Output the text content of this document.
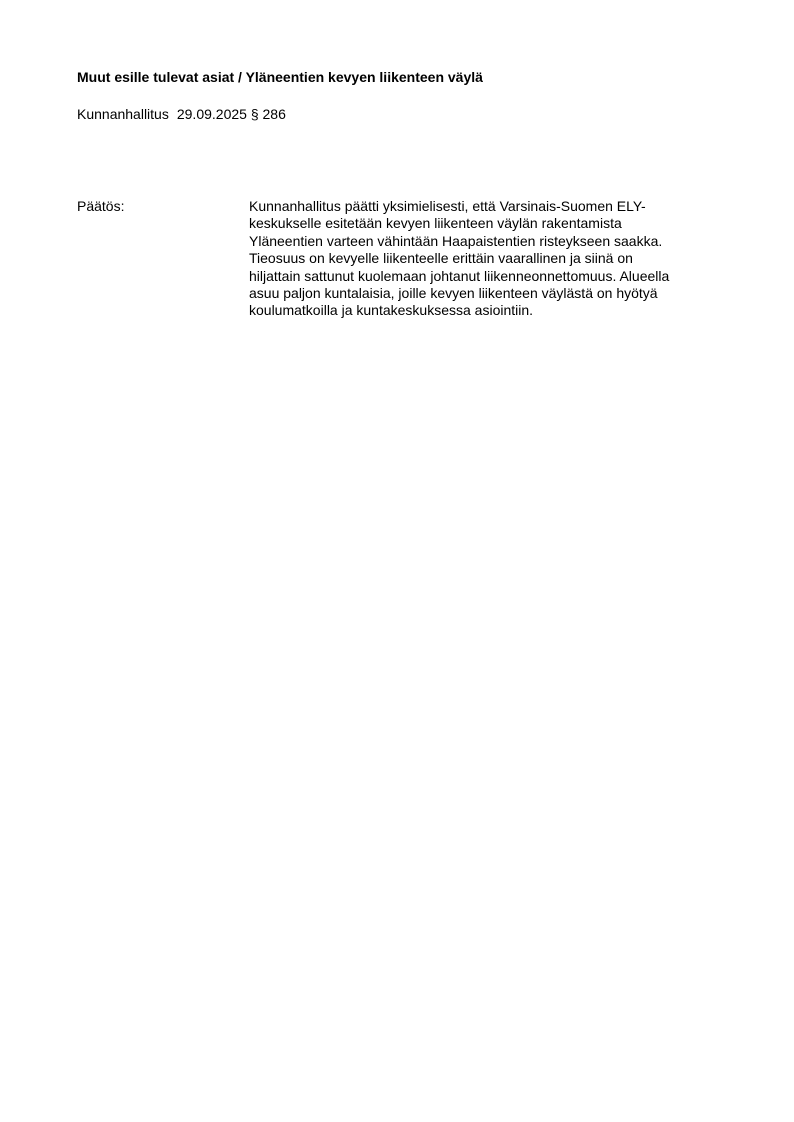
Muut esille tulevat asiat / Yläneentien kevyen liikenteen väylä
Kunnanhallitus 29.09.2025 § 286
Päätös:	Kunnanhallitus päätti yksimielisesti, että Varsinais-Suomen ELY-
keskukselle esitetään kevyen liikenteen väylän rakentamista
Yläneentien varteen vähintään Haapaistentien risteykseen saakka.
Tieosuus on kevyelle liikenteelle erittäin vaarallinen ja siinä on
hiljattain sattunut kuolemaan johtanut liikenneonnettomuus. Alueella
asuu paljon kuntalaisia, joille kevyen liikenteen väylästä on hyötyä
koulumatkoilla ja kuntakeskuksessa asiointiin.
